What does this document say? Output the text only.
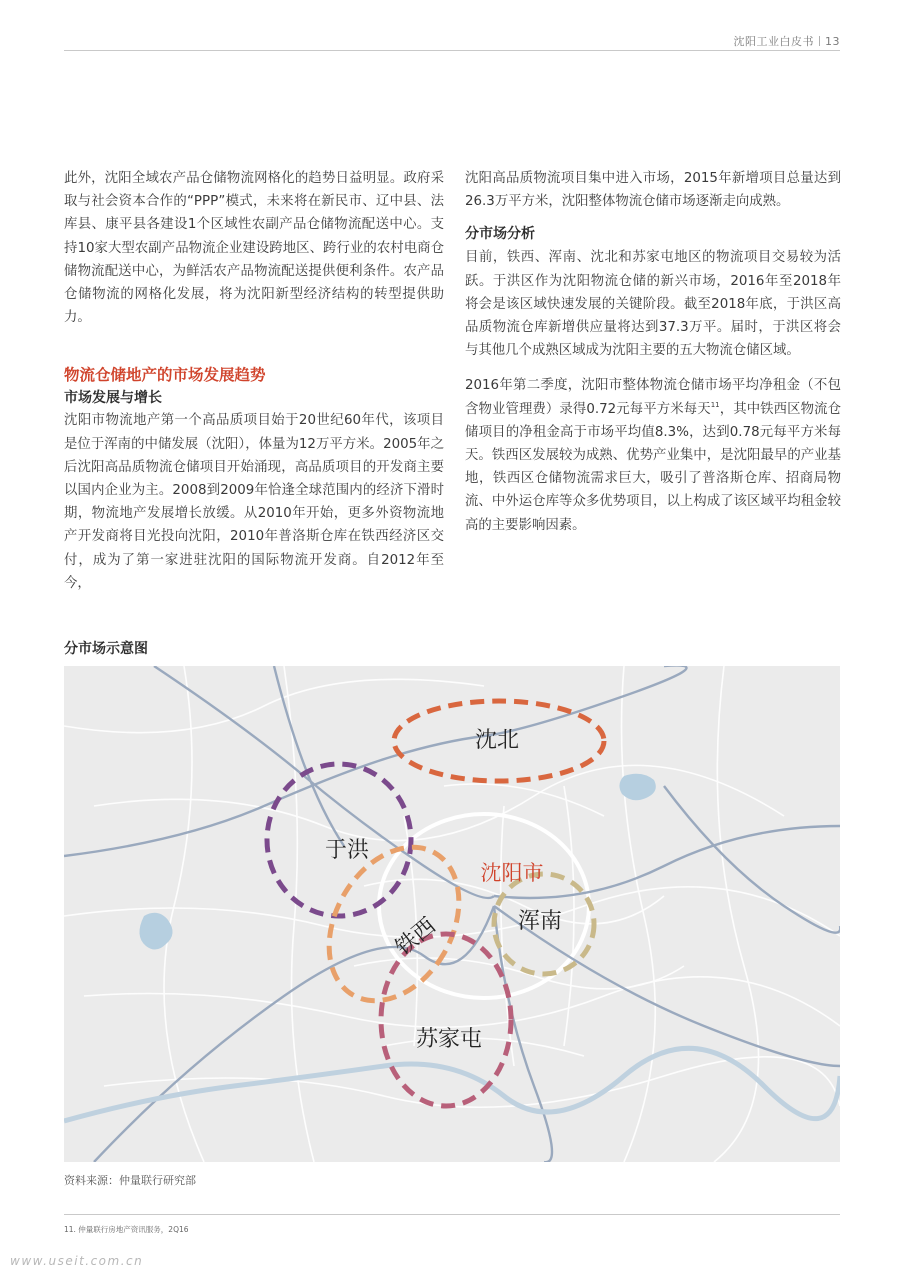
沈阳工业白皮书 13

此外，沈阳全域农产品仓储物流网格化的趋势日益明显。政府采取与社会资本合作的“PPP”模式，未来将在新民市、辽中县、法库县、康平县各建设1个区域性农副产品仓储物流配送中心。支持10家大型农副产品物流企业建设跨地区、跨行业的农村电商仓储物流配送中心，为鲜活农产品物流配送提供便利条件。农产品仓储物流的网格化发展，将为沈阳新型经济结构的转型提供助力。

物流仓储地产的市场发展趋势

市场发展与增长

沈阳市物流地产第一个高品质项目始于20世纪60年代，该项目是位于浑南的中储发展（沈阳），体量为12万平方米。2005年之后沈阳高品质物流仓储项目开始涌现，高品质项目的开发商主要以国内企业为主。2008到2009年恰逢全球范围内的经济下滑时期，物流地产发展增长放缓。从2010年开始，更多外资物流地产开发商将目光投向沈阳，2010年普洛斯仓库在铁西经济区交付，成为了第一家进驻沈阳的国际物流开发商。自2012年至今，

沈阳高品质物流项目集中进入市场，2015年新增项目总量达到26.3万平方米，沈阳整体物流仓储市场逐渐走向成熟。

分市场分析

目前，铁西、浑南、沈北和苏家屯地区的物流项目交易较为活跃。于洪区作为沈阳物流仓储的新兴市场，2016年至2018年将会是该区域快速发展的关键阶段。截至2018年底，于洪区高品质物流仓库新增供应量将达到37.3万平。届时，于洪区将会与其他几个成熟区域成为沈阳主要的五大物流仓储区域。

2016年第二季度，沈阳市整体物流仓储市场平均净租金（不包含物业管理费）录得0.72元每平方米每天$^{11}$，其中铁西区物流仓储项目的净租金高于市场平均值8.3%，达到0.78元每平方米每天。铁西区发展较为成熟、优势产业集中，是沈阳最早的产业基地，铁西区仓储物流需求巨大，吸引了普洛斯仓库、招商局物流、中外运仓库等众多优势项目，以上构成了该区域平均租金较高的主要影响因素。

分市场示意图
沈北
于洪
铁西	浑南
苏家屯
沈阳市
资料来源：仲量联行研究部
11. 仲量联行房地产资讯服务，2Q16
www.useit.com.cn
